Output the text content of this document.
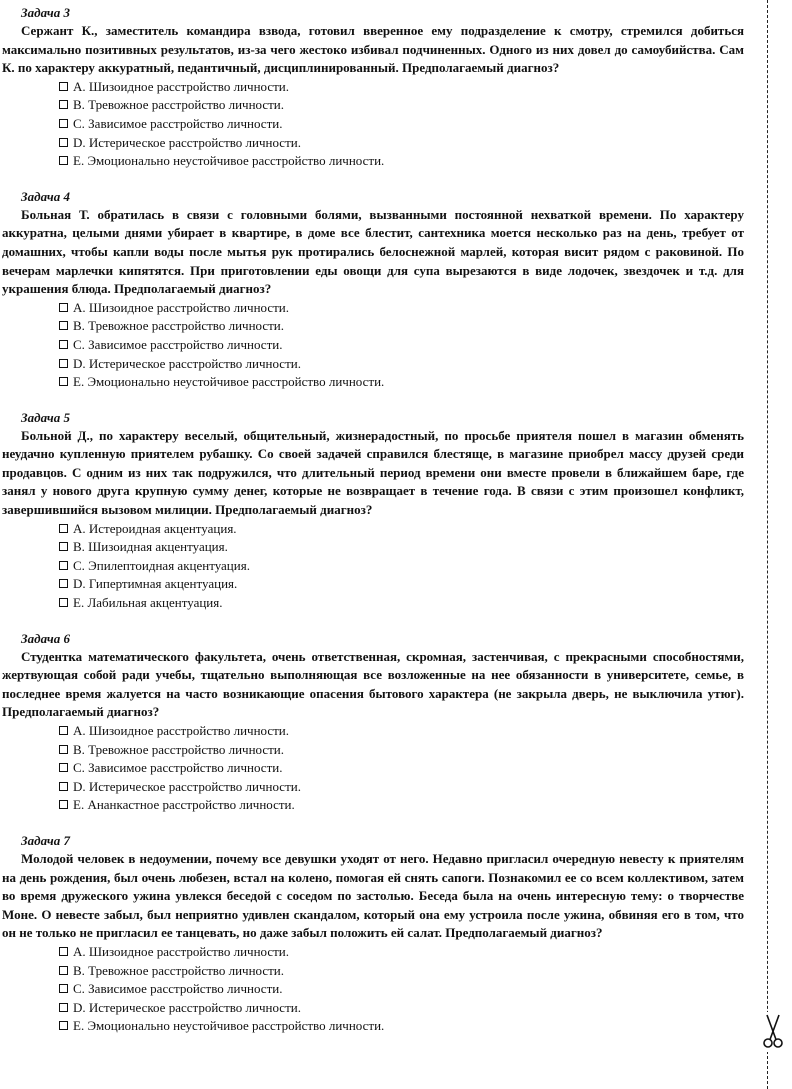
Задача 3

Сержант К., заместитель командира взвода, готовил вверенное ему подразделение к смотру, стремился добиться максимально позитивных результатов, из-за чего жестоко избивал подчиненных. Одного из них довел до самоубийства. Сам К. по характеру аккуратный, педантичный, дисциплинированный. Предполагаемый диагноз?

A. Шизоидное расстройство личности.
B. Тревожное расстройство личности.
C. Зависимое расстройство личности.
D. Истерическое расстройство личности.
E. Эмоционально неустойчивое расстройство личности.

Задача 4

Больная Т. обратилась в связи с головными болями, вызванными постоянной нехваткой времени. По характеру аккуратна, целыми днями убирает в квартире, в доме все блестит, сантехника моется несколько раз на день, требует от домашних, чтобы капли воды после мытья рук протирались белоснежной марлей, которая висит рядом с раковиной. По вечерам марлечки кипятятся. При приготовлении еды овощи для супа вырезаются в виде лодочек, звездочек и т.д. для украшения блюда. Предполагаемый диагноз?

A. Шизоидное расстройство личности.
B. Тревожное расстройство личности.
C. Зависимое расстройство личности.
D. Истерическое расстройство личности.
E. Эмоционально неустойчивое расстройство личности.

Задача 5

Больной Д., по характеру веселый, общительный, жизнерадостный, по просьбе приятеля пошел в магазин обменять неудачно купленную приятелем рубашку. Со своей задачей справился блестяще, в магазине приобрел массу друзей среди продавцов. С одним из них так подружился, что длительный период времени они вместе провели в ближайшем баре, где занял у нового друга крупную сумму денег, которые не возвращает в течение года. В связи с этим произошел конфликт, завершившийся вызовом милиции. Предполагаемый диагноз?

A. Истероидная акцентуация.
B. Шизоидная акцентуация.
C. Эпилептоидная акцентуация.
D. Гипертимная акцентуация.
E. Лабильная акцентуация.

Задача 6

Студентка математического факультета, очень ответственная, скромная, застенчивая, с прекрасными способностями, жертвующая собой ради учебы, тщательно выполняющая все возложенные на нее обязанности в университете, семье, в последнее время жалуется на часто возникающие опасения бытового характера (не закрыла дверь, не выключила утюг). Предполагаемый диагноз?

A. Шизоидное расстройство личности.
B. Тревожное расстройство личности.
C. Зависимое расстройство личности.
D. Истерическое расстройство личности.
E. Ананкастное расстройство личности.

Задача 7

Молодой человек в недоумении, почему все девушки уходят от него. Недавно пригласил очередную невесту к приятелям на день рождения, был очень любезен, встал на колено, помогая ей снять сапоги. Познакомил ее со всем коллективом, затем во время дружеского ужина увлекся беседой с соседом по застолью. Беседа была на очень интересную тему: о творчестве Моне. О невесте забыл, был неприятно удивлен скандалом, который она ему устроила после ужина, обвиняя его в том, что он не только не пригласил ее танцевать, но даже забыл положить ей салат. Предполагаемый диагноз?

A. Шизоидное расстройство личности.
B. Тревожное расстройство личности.
C. Зависимое расстройство личности.
D. Истерическое расстройство личности.
E. Эмоционально неустойчивое расстройство личности.
